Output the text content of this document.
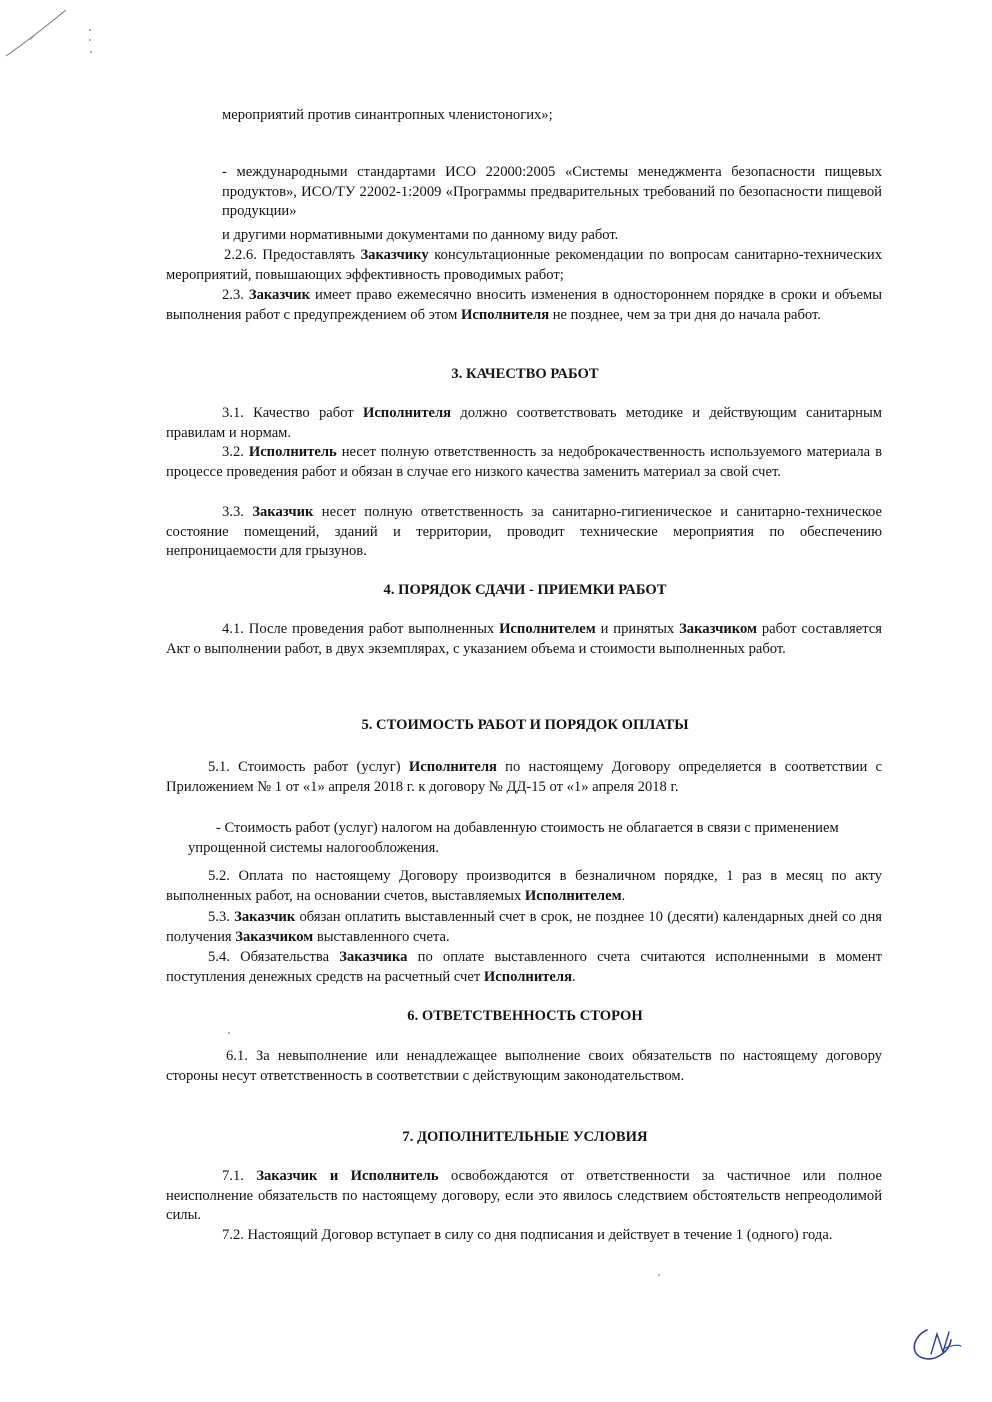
мероприятий против синантропных членистоногих»;

- международными стандартами ИСО 22000:2005 «Системы менеджмента безопасности пищевых продуктов», ИСО/ТУ 22002-1:2009 «Программы предварительных требований по безопасности пищевой продукции»

и другими нормативными документами по данному виду работ.

2.2.6. Предоставлять Заказчику консультационные рекомендации по вопросам санитарно-технических мероприятий, повышающих эффективность проводимых работ;

2.3. Заказчик имеет право ежемесячно вносить изменения в одностороннем порядке в сроки и объемы выполнения работ с предупреждением об этом Исполнителя не позднее, чем за три дня до начала работ.

3. КАЧЕСТВО РАБОТ

3.1. Качество работ Исполнителя должно соответствовать методике и действующим санитарным правилам и нормам.

3.2. Исполнитель несет полную ответственность за недоброкачественность используемого материала в процессе проведения работ и обязан в случае его низкого качества заменить материал за свой счет.

3.3. Заказчик несет полную ответственность за санитарно-гигиеническое и санитарно-техническое состояние помещений, зданий и территории, проводит технические мероприятия по обеспечению непроницаемости для грызунов.

4. ПОРЯДОК СДАЧИ - ПРИЕМКИ РАБОТ

4.1. После проведения работ выполненных Исполнителем и принятых Заказчиком работ составляется Акт о выполнении работ, в двух экземплярах, с указанием объема и стоимости выполненных работ.

5. СТОИМОСТЬ РАБОТ И ПОРЯДОК ОПЛАТЫ

5.1. Стоимость работ (услуг) Исполнителя по настоящему Договору определяется в соответствии с Приложением № 1 от «1» апреля 2018 г. к договору № ДД-15 от «1» апреля 2018 г.

- Стоимость работ (услуг) налогом на добавленную стоимость не облагается в связи с применением упрощенной системы налогообложения.

5.2. Оплата по настоящему Договору производится в безналичном порядке, 1 раз в месяц по акту выполненных работ, на основании счетов, выставляемых Исполнителем.

5.3. Заказчик обязан оплатить выставленный счет в срок, не позднее 10 (десяти) календарных дней со дня получения Заказчиком выставленного счета.

5.4. Обязательства Заказчика по оплате выставленного счета считаются исполненными в момент поступления денежных средств на расчетный счет Исполнителя.

6. ОТВЕТСТВЕННОСТЬ СТОРОН

6.1. За невыполнение или ненадлежащее выполнение своих обязательств по настоящему договору стороны несут ответственность в соответствии с действующим законодательством.

7. ДОПОЛНИТЕЛЬНЫЕ УСЛОВИЯ

7.1. Заказчик и Исполнитель освобождаются от ответственности за частичное или полное неисполнение обязательств по настоящему договору, если это явилось следствием обстоятельств непреодолимой силы.

7.2. Настоящий Договор вступает в силу со дня подписания и действует в течение 1 (одного) года.
